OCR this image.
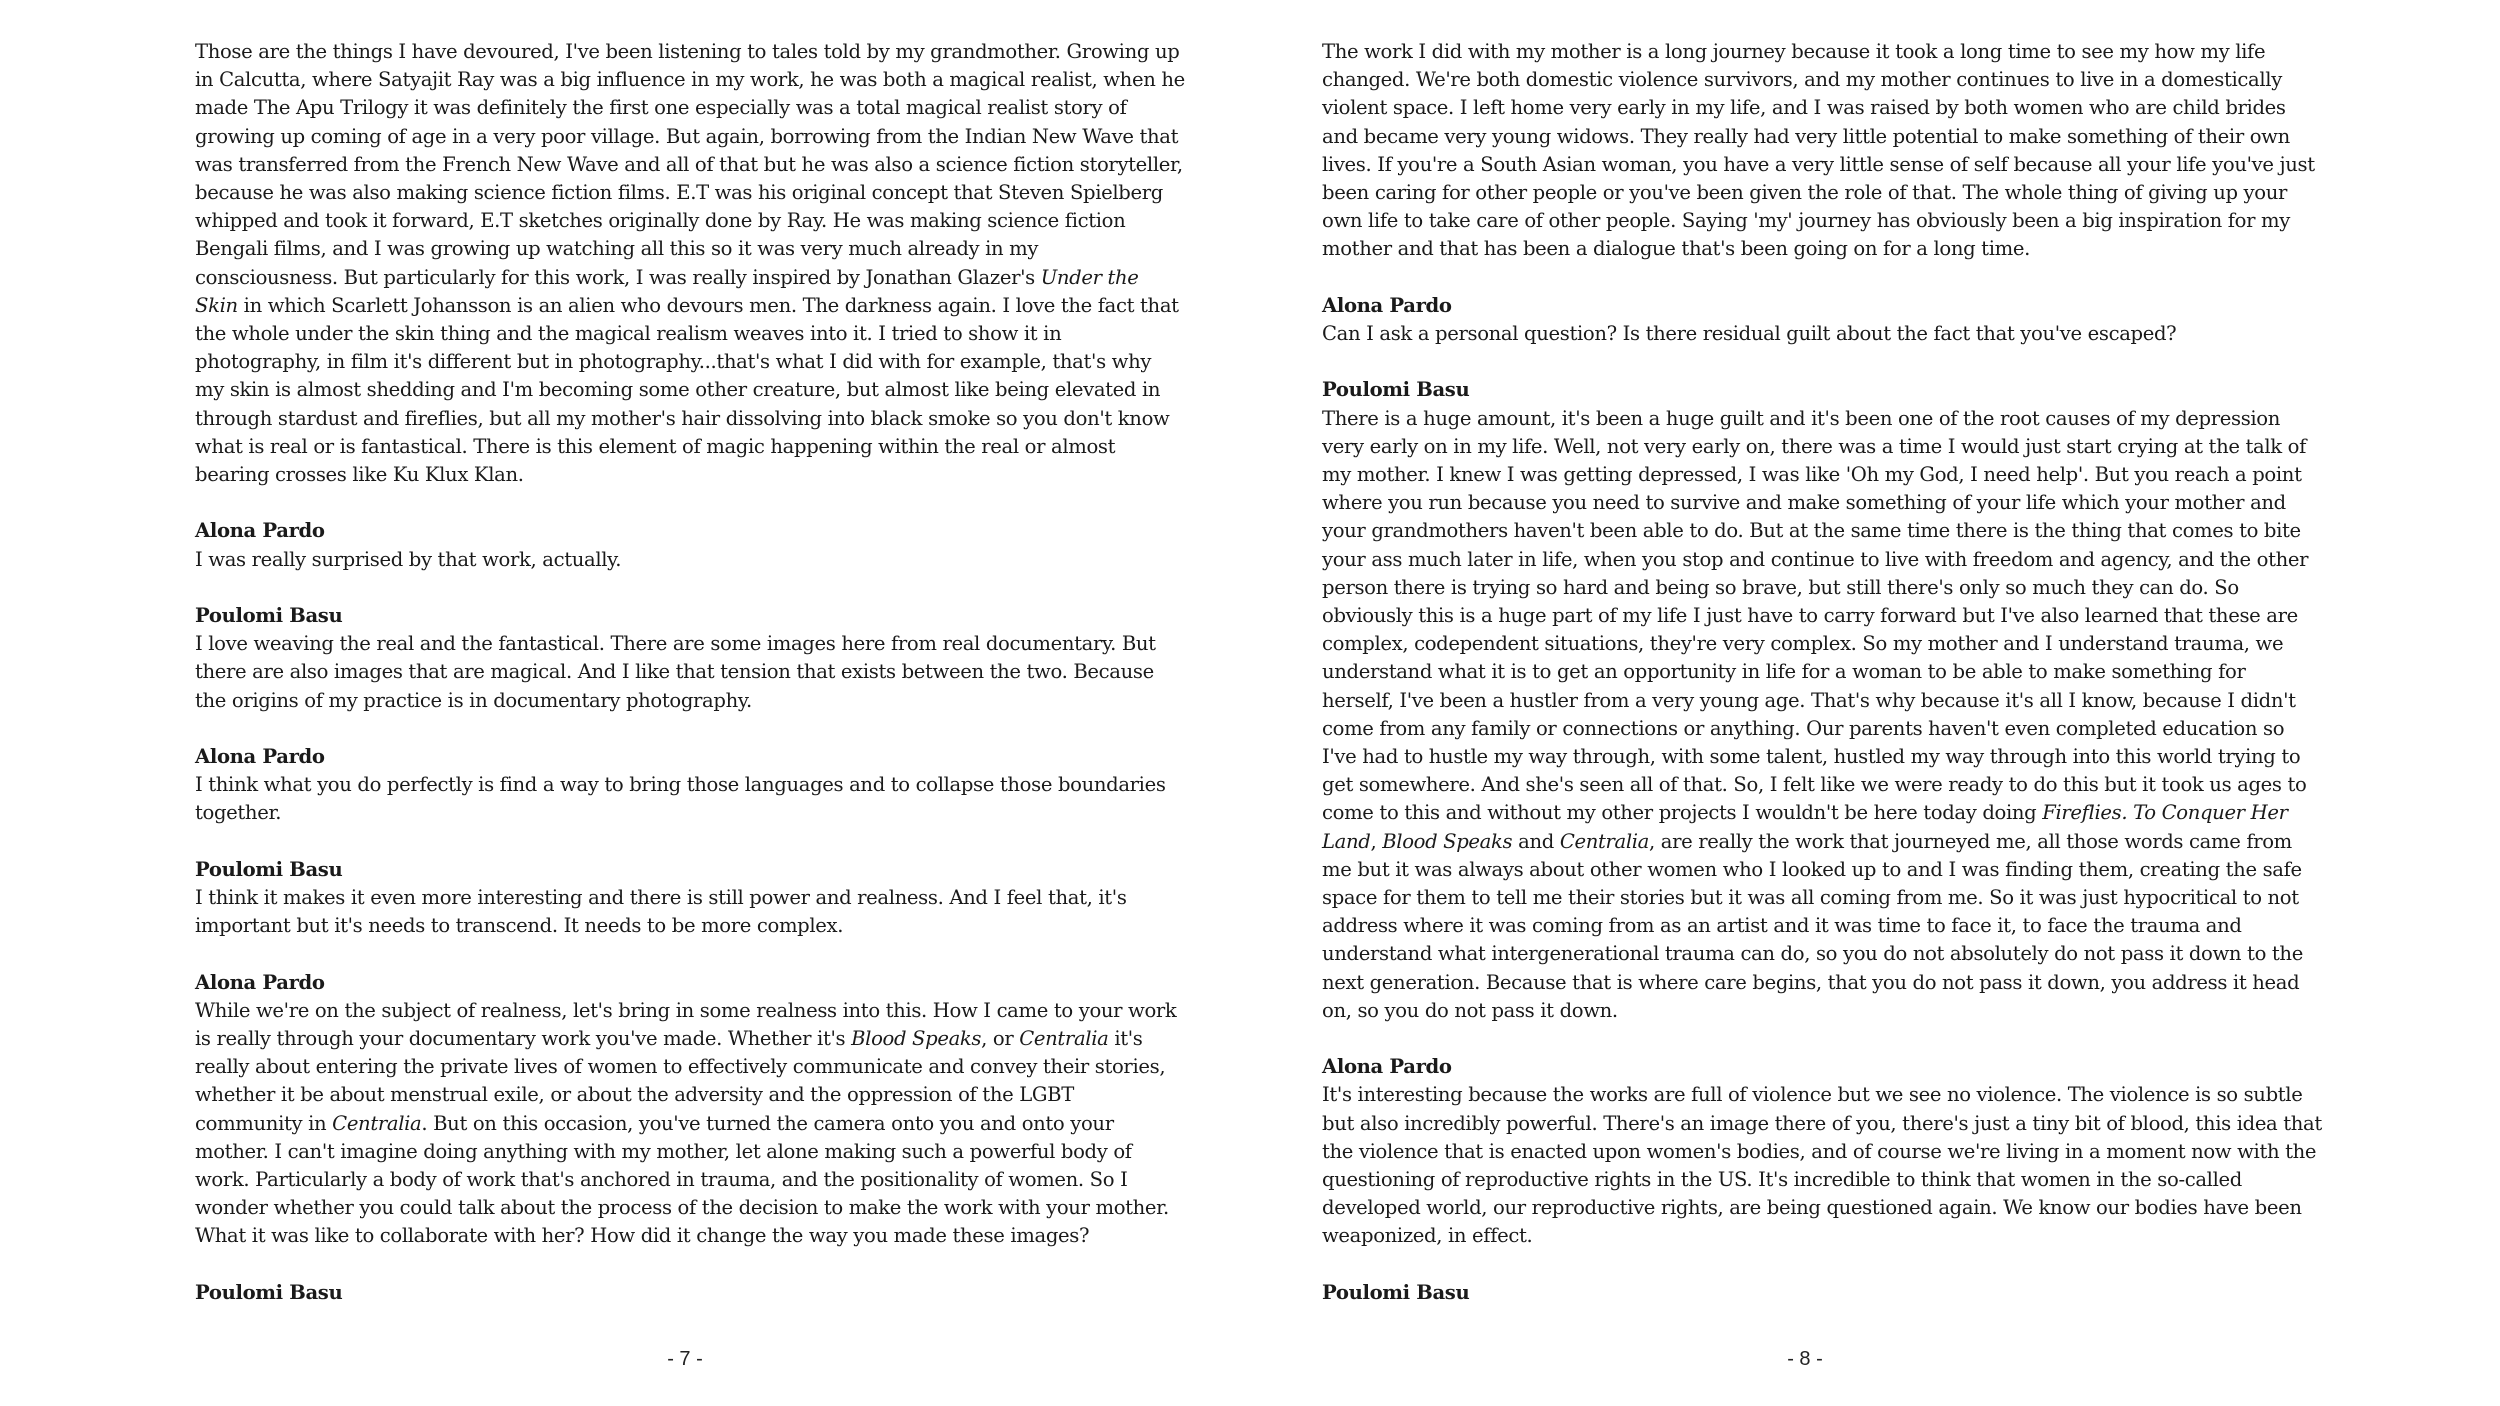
Those are the things I have devoured, I've been listening to tales told by my grandmother. Growing up in Calcutta, where Satyajit Ray was a big influence in my work, he was both a magical realist, when he made The Apu Trilogy it was definitely the first one especially was a total magical realist story of growing up coming of age in a very poor village. But again, borrowing from the Indian New Wave that was transferred from the French New Wave and all of that but he was also a science fiction storyteller, because he was also making science fiction films. E.T was his original concept that Steven Spielberg whipped and took it forward, E.T sketches originally done by Ray. He was making science fiction Bengali films, and I was growing up watching all this so it was very much already in my consciousness. But particularly for this work, I was really inspired by Jonathan Glazer's Under the Skin in which Scarlett Johansson is an alien who devours men. The darkness again. I love the fact that the whole under the skin thing and the magical realism weaves into it. I tried to show it in photography, in film it's different but in photography...that's what I did with for example, that's why my skin is almost shedding and I'm becoming some other creature, but almost like being elevated in through stardust and fireflies, but all my mother's hair dissolving into black smoke so you don't know what is real or is fantastical. There is this element of magic happening within the real or almost bearing crosses like Ku Klux Klan.
Alona Pardo
I was really surprised by that work, actually.
Poulomi Basu
I love weaving the real and the fantastical. There are some images here from real documentary. But there are also images that are magical. And I like that tension that exists between the two. Because the origins of my practice is in documentary photography.
Alona Pardo
I think what you do perfectly is find a way to bring those languages and to collapse those boundaries together.
Poulomi Basu
I think it makes it even more interesting and there is still power and realness. And I feel that, it's important but it's needs to transcend. It needs to be more complex.
Alona Pardo
While we're on the subject of realness, let's bring in some realness into this. How I came to your work is really through your documentary work you've made. Whether it's Blood Speaks, or Centralia it's really about entering the private lives of women to effectively communicate and convey their stories, whether it be about menstrual exile, or about the adversity and the oppression of the LGBT community in Centralia. But on this occasion, you've turned the camera onto you and onto your mother. I can't imagine doing anything with my mother, let alone making such a powerful body of work. Particularly a body of work that's anchored in trauma, and the positionality of women. So I wonder whether you could talk about the process of the decision to make the work with your mother. What it was like to collaborate with her? How did it change the way you made these images?
Poulomi Basu
- 7 -
The work I did with my mother is a long journey because it took a long time to see my how my life changed. We're both domestic violence survivors, and my mother continues to live in a domestically violent space. I left home very early in my life, and I was raised by both women who are child brides and became very young widows. They really had very little potential to make something of their own lives. If you're a South Asian woman, you have a very little sense of self because all your life you've just been caring for other people or you've been given the role of that. The whole thing of giving up your own life to take care of other people. Saying 'my' journey has obviously been a big inspiration for my mother and that has been a dialogue that's been going on for a long time.
Alona Pardo
Can I ask a personal question? Is there residual guilt about the fact that you've escaped?
Poulomi Basu
There is a huge amount, it's been a huge guilt and it's been one of the root causes of my depression very early on in my life. Well, not very early on, there was a time I would just start crying at the talk of my mother. I knew I was getting depressed, I was like 'Oh my God, I need help'. But you reach a point where you run because you need to survive and make something of your life which your mother and your grandmothers haven't been able to do. But at the same time there is the thing that comes to bite your ass much later in life, when you stop and continue to live with freedom and agency, and the other person there is trying so hard and being so brave, but still there's only so much they can do. So obviously this is a huge part of my life I just have to carry forward but I've also learned that these are complex, codependent situations, they're very complex. So my mother and I understand trauma, we understand what it is to get an opportunity in life for a woman to be able to make something for herself, I've been a hustler from a very young age. That's why because it's all I know, because I didn't come from any family or connections or anything. Our parents haven't even completed education so I've had to hustle my way through, with some talent, hustled my way through into this world trying to get somewhere. And she's seen all of that. So, I felt like we were ready to do this but it took us ages to come to this and without my other projects I wouldn't be here today doing Fireflies. To Conquer Her Land, Blood Speaks and Centralia, are really the work that journeyed me, all those words came from me but it was always about other women who I looked up to and I was finding them, creating the safe space for them to tell me their stories but it was all coming from me. So it was just hypocritical to not address where it was coming from as an artist and it was time to face it, to face the trauma and understand what intergenerational trauma can do, so you do not absolutely do not pass it down to the next generation. Because that is where care begins, that you do not pass it down, you address it head on, so you do not pass it down.
Alona Pardo
It's interesting because the works are full of violence but we see no violence. The violence is so subtle but also incredibly powerful. There's an image there of you, there's just a tiny bit of blood, this idea that the violence that is enacted upon women's bodies, and of course we're living in a moment now with the questioning of reproductive rights in the US. It's incredible to think that women in the so-called developed world, our reproductive rights, are being questioned again. We know our bodies have been weaponized, in effect.
Poulomi Basu
- 8 -
